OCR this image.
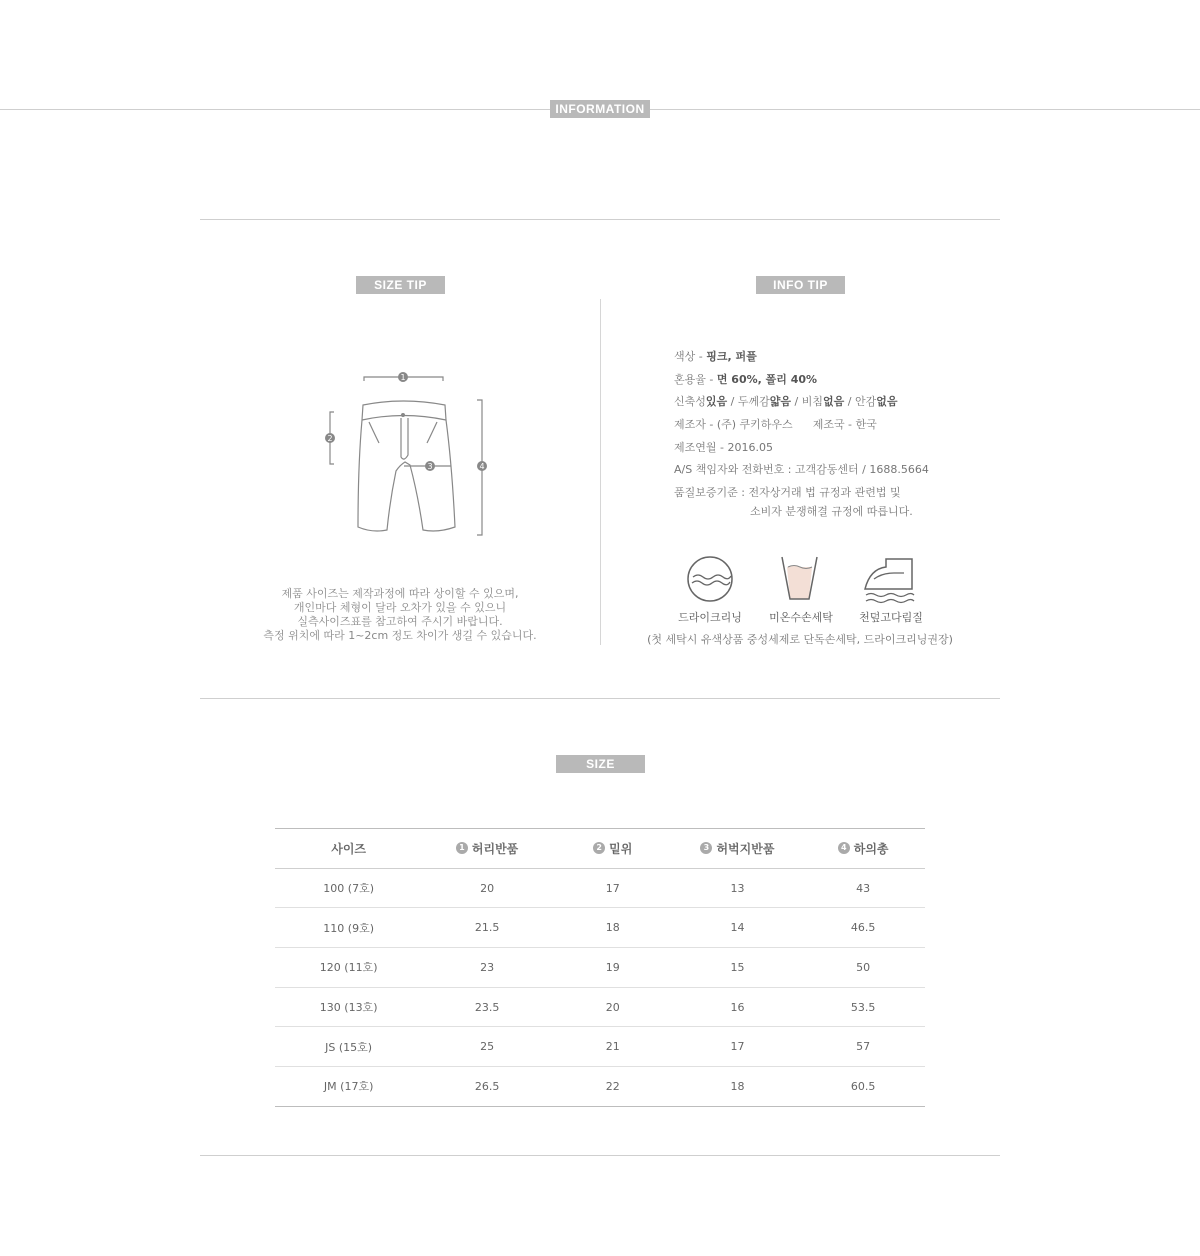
INFORMATION
SIZE TIP
1
2
3	4
제품 사이즈는 제작과정에 따라 상이할 수 있으며,
개인마다 체형이 달라 오차가 있을 수 있으니
실측사이즈표를 참고하여 주시기 바랍니다.
측정 위치에 따라 1~2cm 정도 차이가 생길 수 있습니다.
INFO TIP
색상 - 핑크, 퍼플
혼용율 - 면 60%, 폴리 40%
신축성있음 / 두께감얇음 / 비침없음 / 안감없음
제조자 - (주) 쿠키하우스 제조국 - 한국
제조연월 - 2016.05
A/S 책임자와 전화번호 : 고객감동센터 / 1688.5664
품질보증기준 : 전자상거래 법 규정과 관련법 및
소비자 분쟁해결 규정에 따릅니다.
드라이크리닝	미온수손세탁	천덮고다림질
(첫 세탁시 유색상품 중성세제로 단독손세탁, 드라이크리닝권장)
SIZE
사이즈	1 허리반품	2 밑위	3 허벅지반품	4 하의총
100 (7호)	20	17	13	43
110 (9호)	21.5	18	14	46.5
120 (11호)	23	19	15	50
130 (13호)	23.5	20	16	53.5
JS (15호)	25	21	17	57
JM (17호)	26.5	22	18	60.5
